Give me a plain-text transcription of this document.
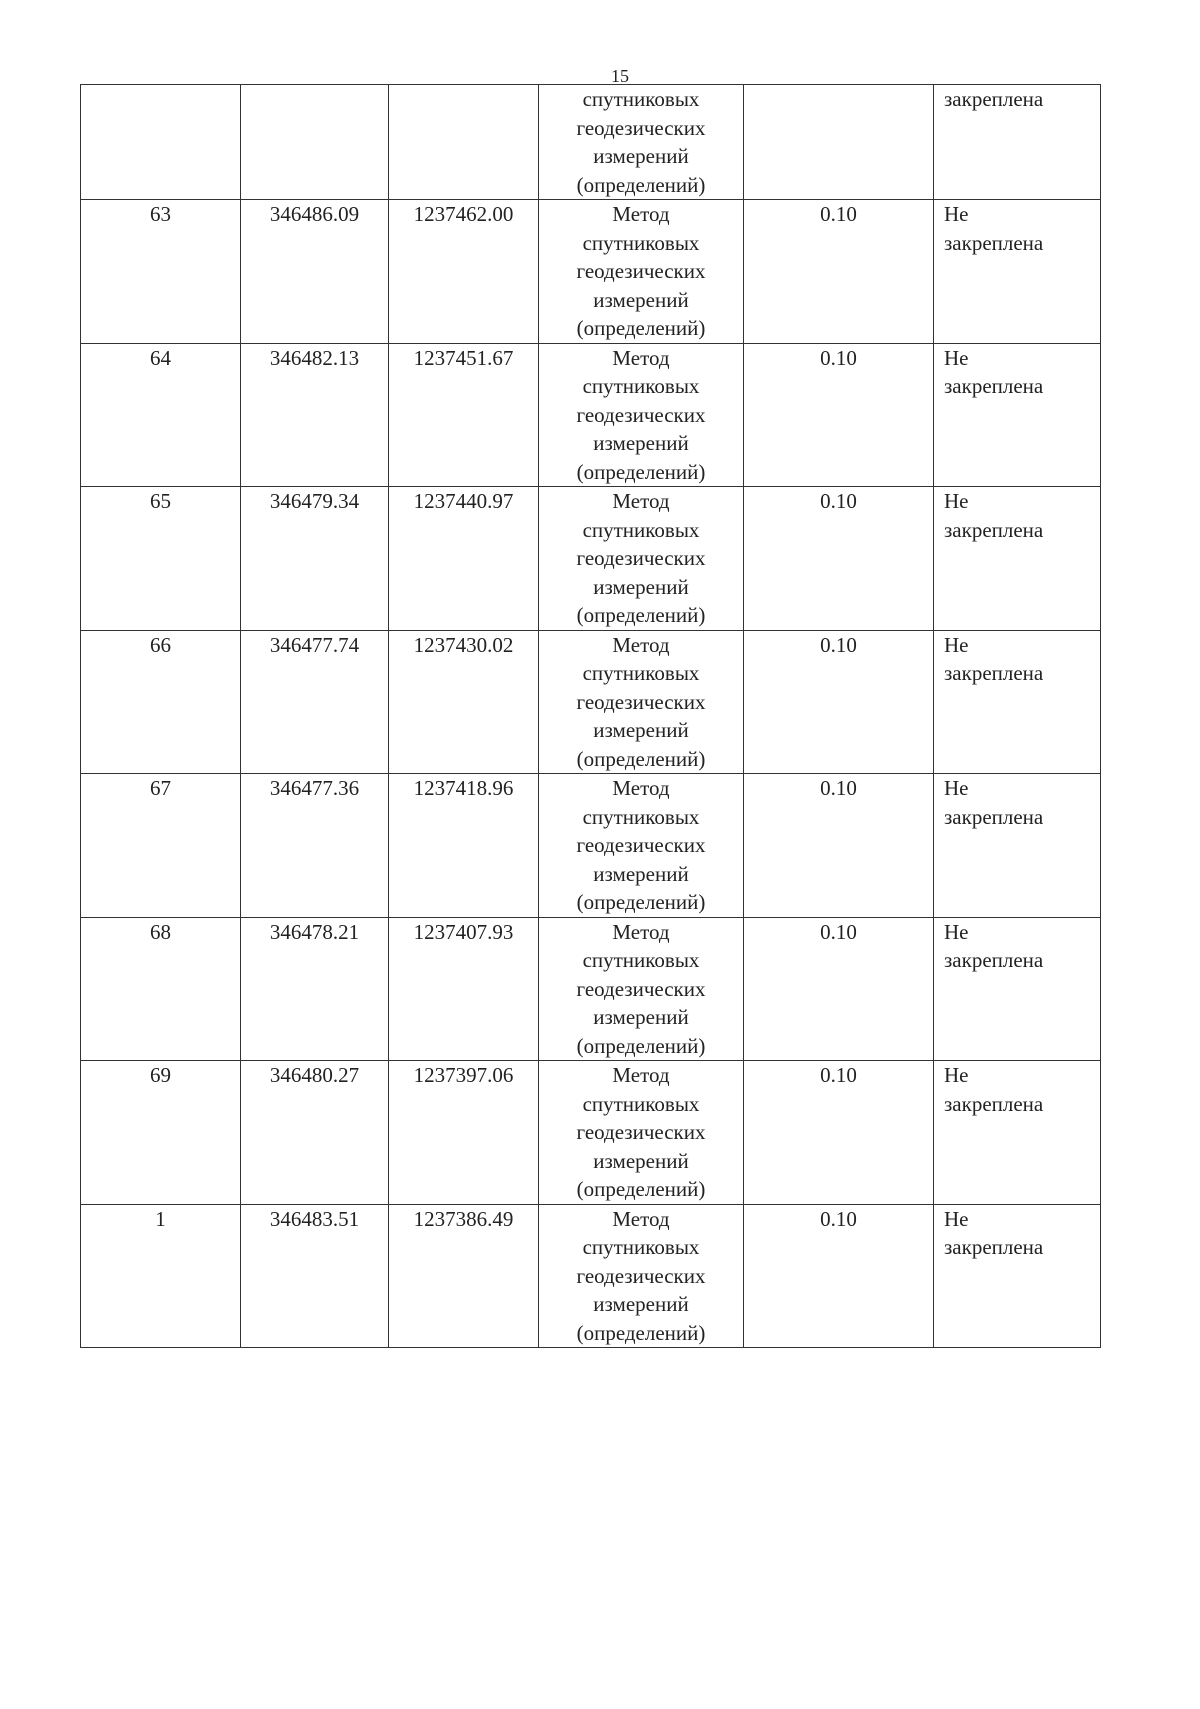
15
			спутниковых
геодезических
измерений
(определений)		закреплена
63	346486.09	1237462.00	Метод
спутниковых
геодезических
измерений
(определений)	0.10	Не
закреплена
64	346482.13	1237451.67	Метод
спутниковых
геодезических
измерений
(определений)	0.10	Не
закреплена
65	346479.34	1237440.97	Метод
спутниковых
геодезических
измерений
(определений)	0.10	Не
закреплена
66	346477.74	1237430.02	Метод
спутниковых
геодезических
измерений
(определений)	0.10	Не
закреплена
67	346477.36	1237418.96	Метод
спутниковых
геодезических
измерений
(определений)	0.10	Не
закреплена
68	346478.21	1237407.93	Метод
спутниковых
геодезических
измерений
(определений)	0.10	Не
закреплена
69	346480.27	1237397.06	Метод
спутниковых
геодезических
измерений
(определений)	0.10	Не
закреплена
1	346483.51	1237386.49	Метод
спутниковых
геодезических
измерений
(определений)	0.10	Не
закреплена
